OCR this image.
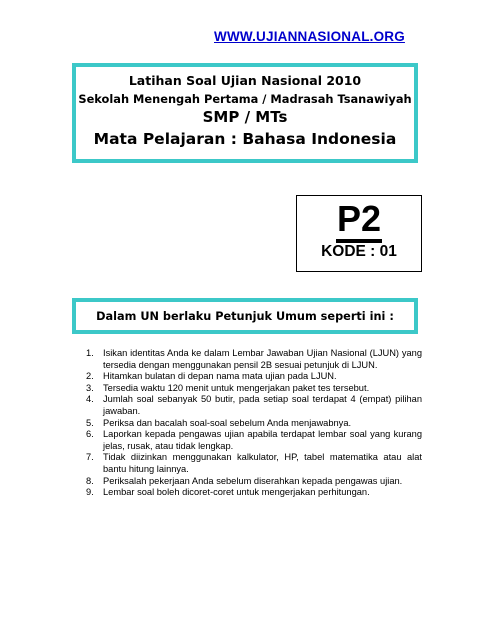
WWW.UJIANNASIONAL.ORG
Latihan Soal Ujian Nasional 2010
Sekolah Menengah Pertama / Madrasah Tsanawiyah
SMP / MTs
Mata Pelajaran : Bahasa Indonesia
P2
KODE : 01
Dalam UN berlaku Petunjuk Umum seperti ini :
1. Isikan identitas Anda ke dalam Lembar Jawaban Ujian Nasional (LJUN) yang tersedia dengan menggunakan pensil 2B sesuai petunjuk di LJUN.
2. Hitamkan bulatan di depan nama mata ujian pada LJUN.
3. Tersedia waktu 120 menit untuk mengerjakan paket tes tersebut.
4. Jumlah soal sebanyak 50 butir, pada setiap soal terdapat 4 (empat) pilihan jawaban.
5. Periksa dan bacalah soal-soal sebelum Anda menjawabnya.
6. Laporkan kepada pengawas ujian apabila terdapat lembar soal yang kurang jelas, rusak, atau tidak lengkap.
7. Tidak diizinkan menggunakan kalkulator, HP, tabel matematika atau alat bantu hitung lainnya.
8. Periksalah pekerjaan Anda sebelum diserahkan kepada pengawas ujian.
9. Lembar soal boleh dicoret-coret untuk mengerjakan perhitungan.
